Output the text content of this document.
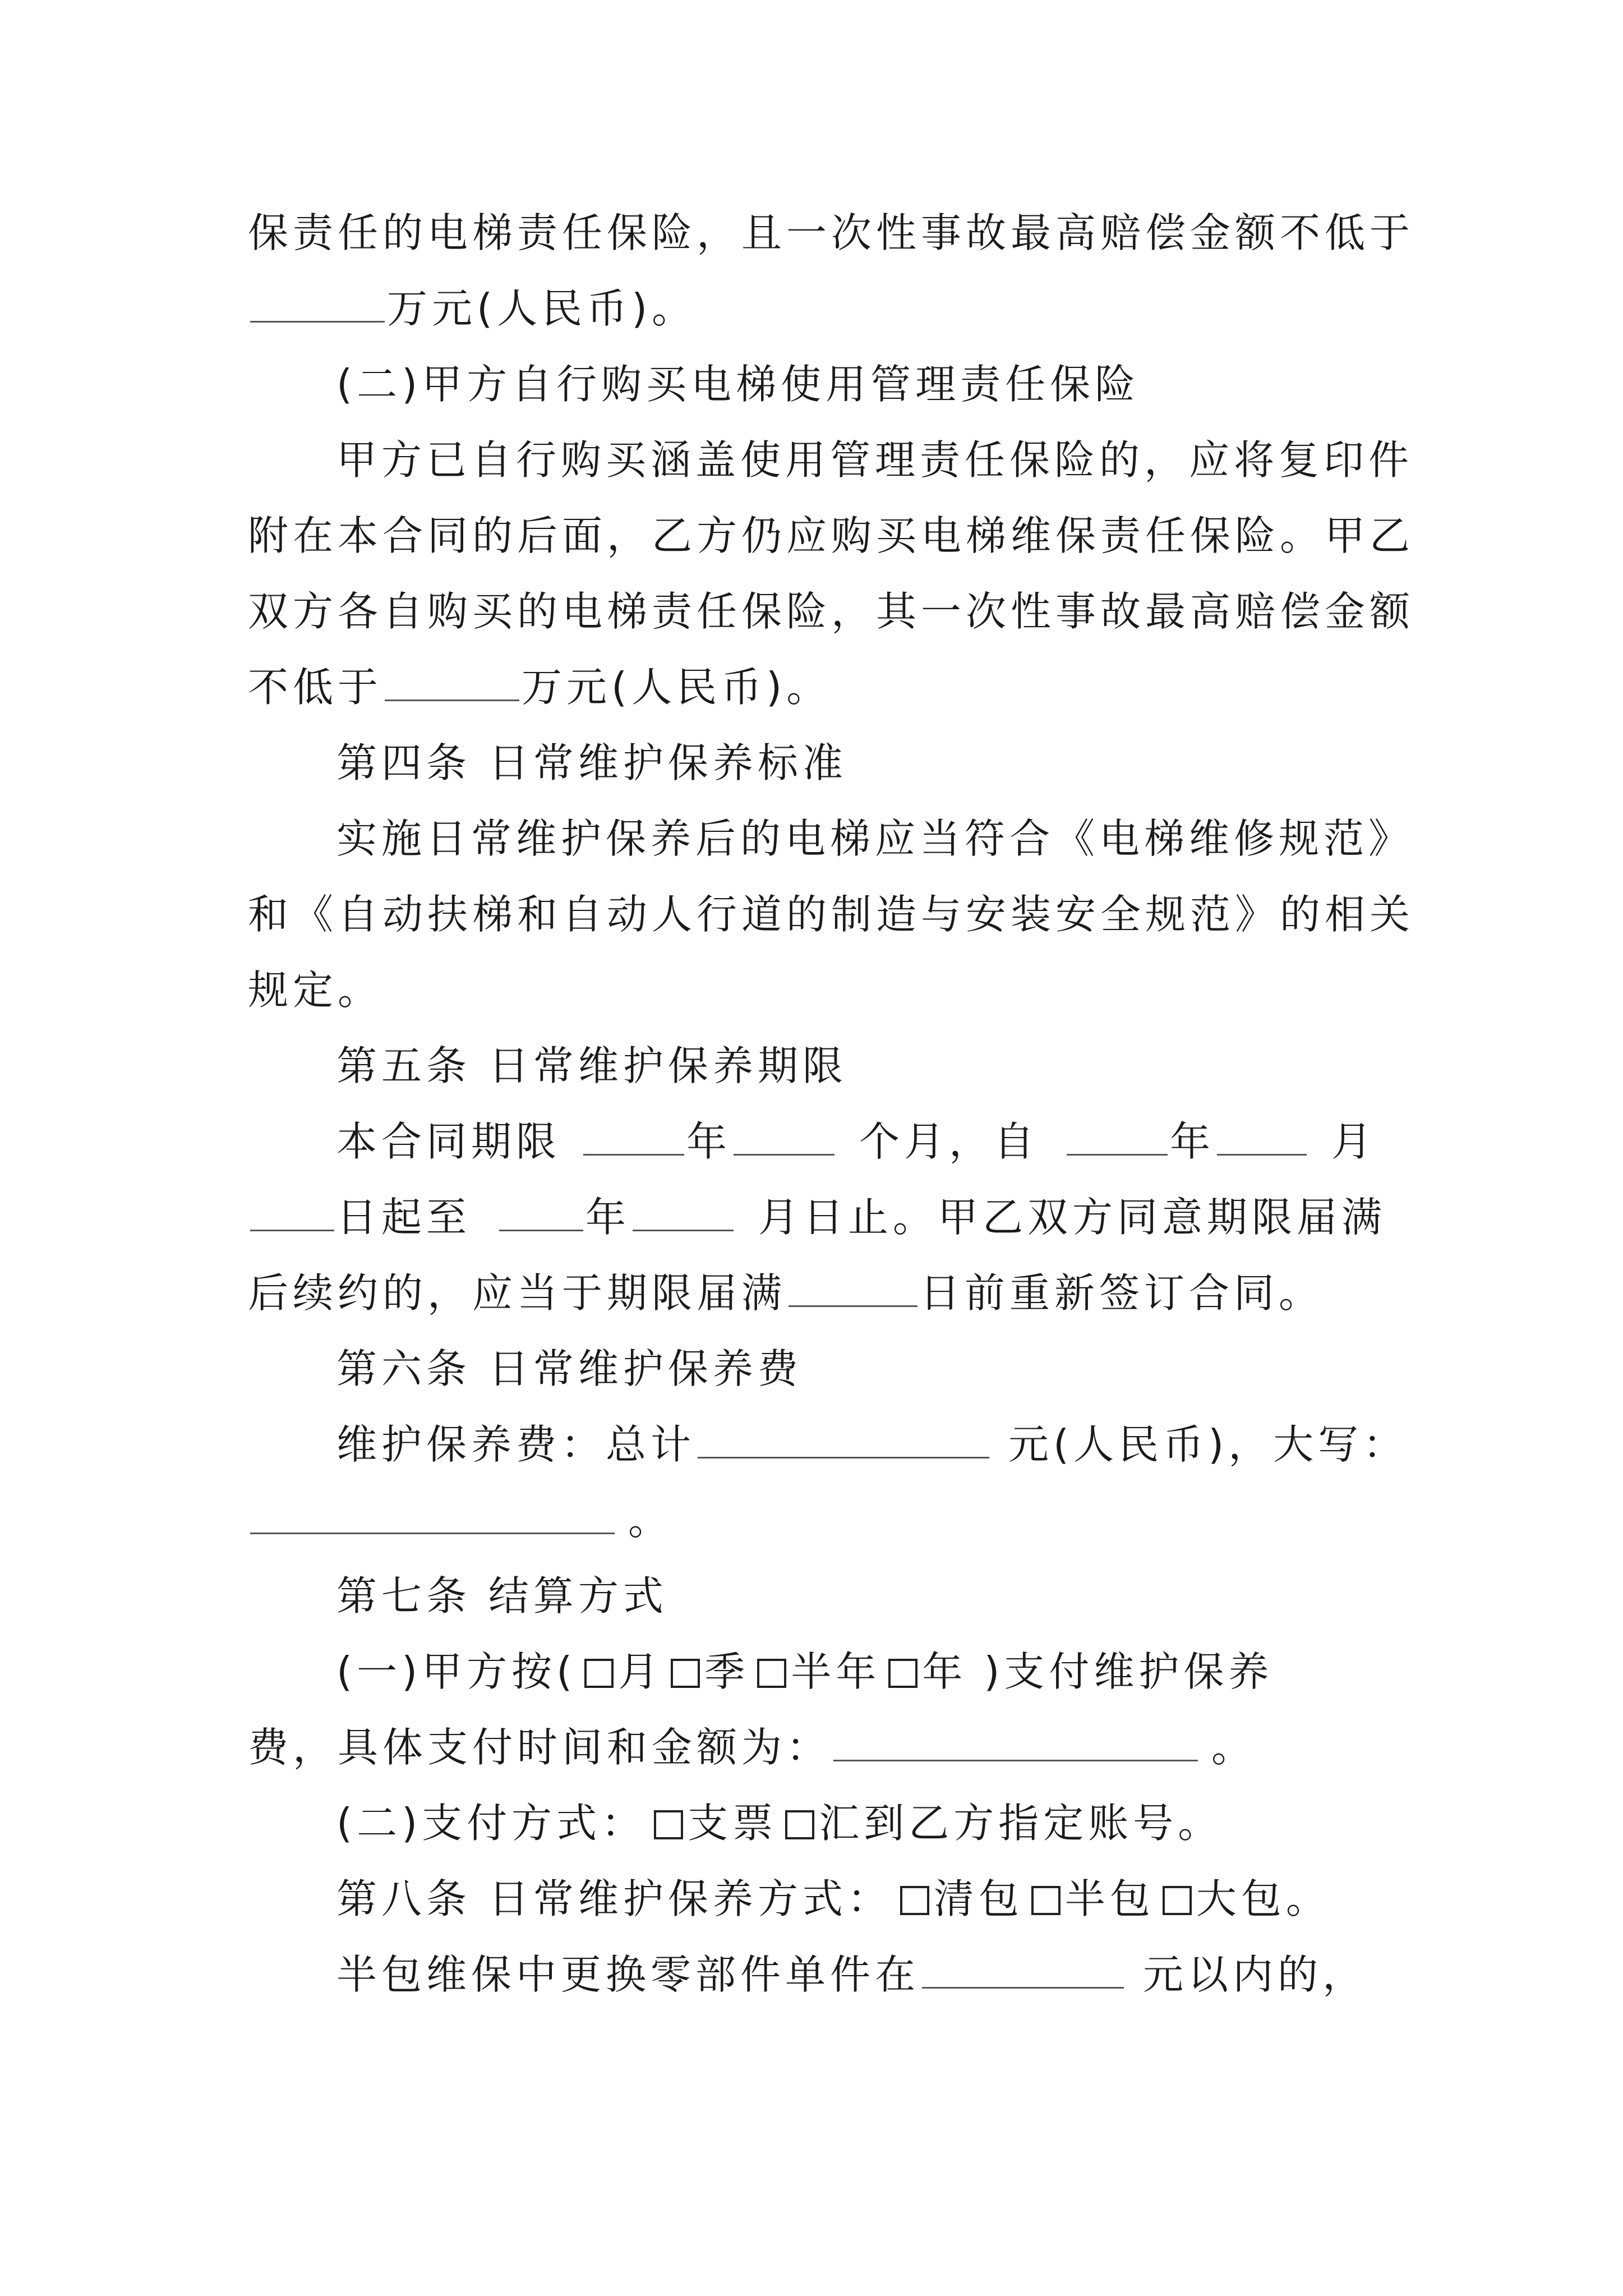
保责任的电梯责任保险，且一次性事故最高赔偿金额不低于
万元(人民币)。
(二)甲方自行购买电梯使用管理责任保险
甲方已自行购买涵盖使用管理责任保险的，应将复印件
附在本合同的后面，乙方仍应购买电梯维保责任保险。甲乙
双方各自购买的电梯责任保险，其一次性事故最高赔偿金额
不低于	万元(人民币)。
第四条 日常维护保养标准
实施日常维护保养后的电梯应当符合《电梯维修规范》
和《自动扶梯和自动人行道的制造与安装安全规范》的相关
规定。
第五条 日常维护保养期限
本合同期限	年	个月，自	年	月
日起至	年	月日止。甲乙双方同意期限届满
后续约的，应当于期限届满	日前重新签订合同。
第六条 日常维护保养费
维护保养费：总计	元(人民币)，大写：
。
第七条 结算方式
(一)甲方按( 月 季 半年 年 )支付维护保养
费，具体支付时间和金额为：	。
(二)支付方式： 支票 汇到乙方指定账号。
第八条 日常维护保养方式： 清包 半包 大包。
半包维保中更换零部件单件在	元以内的，
